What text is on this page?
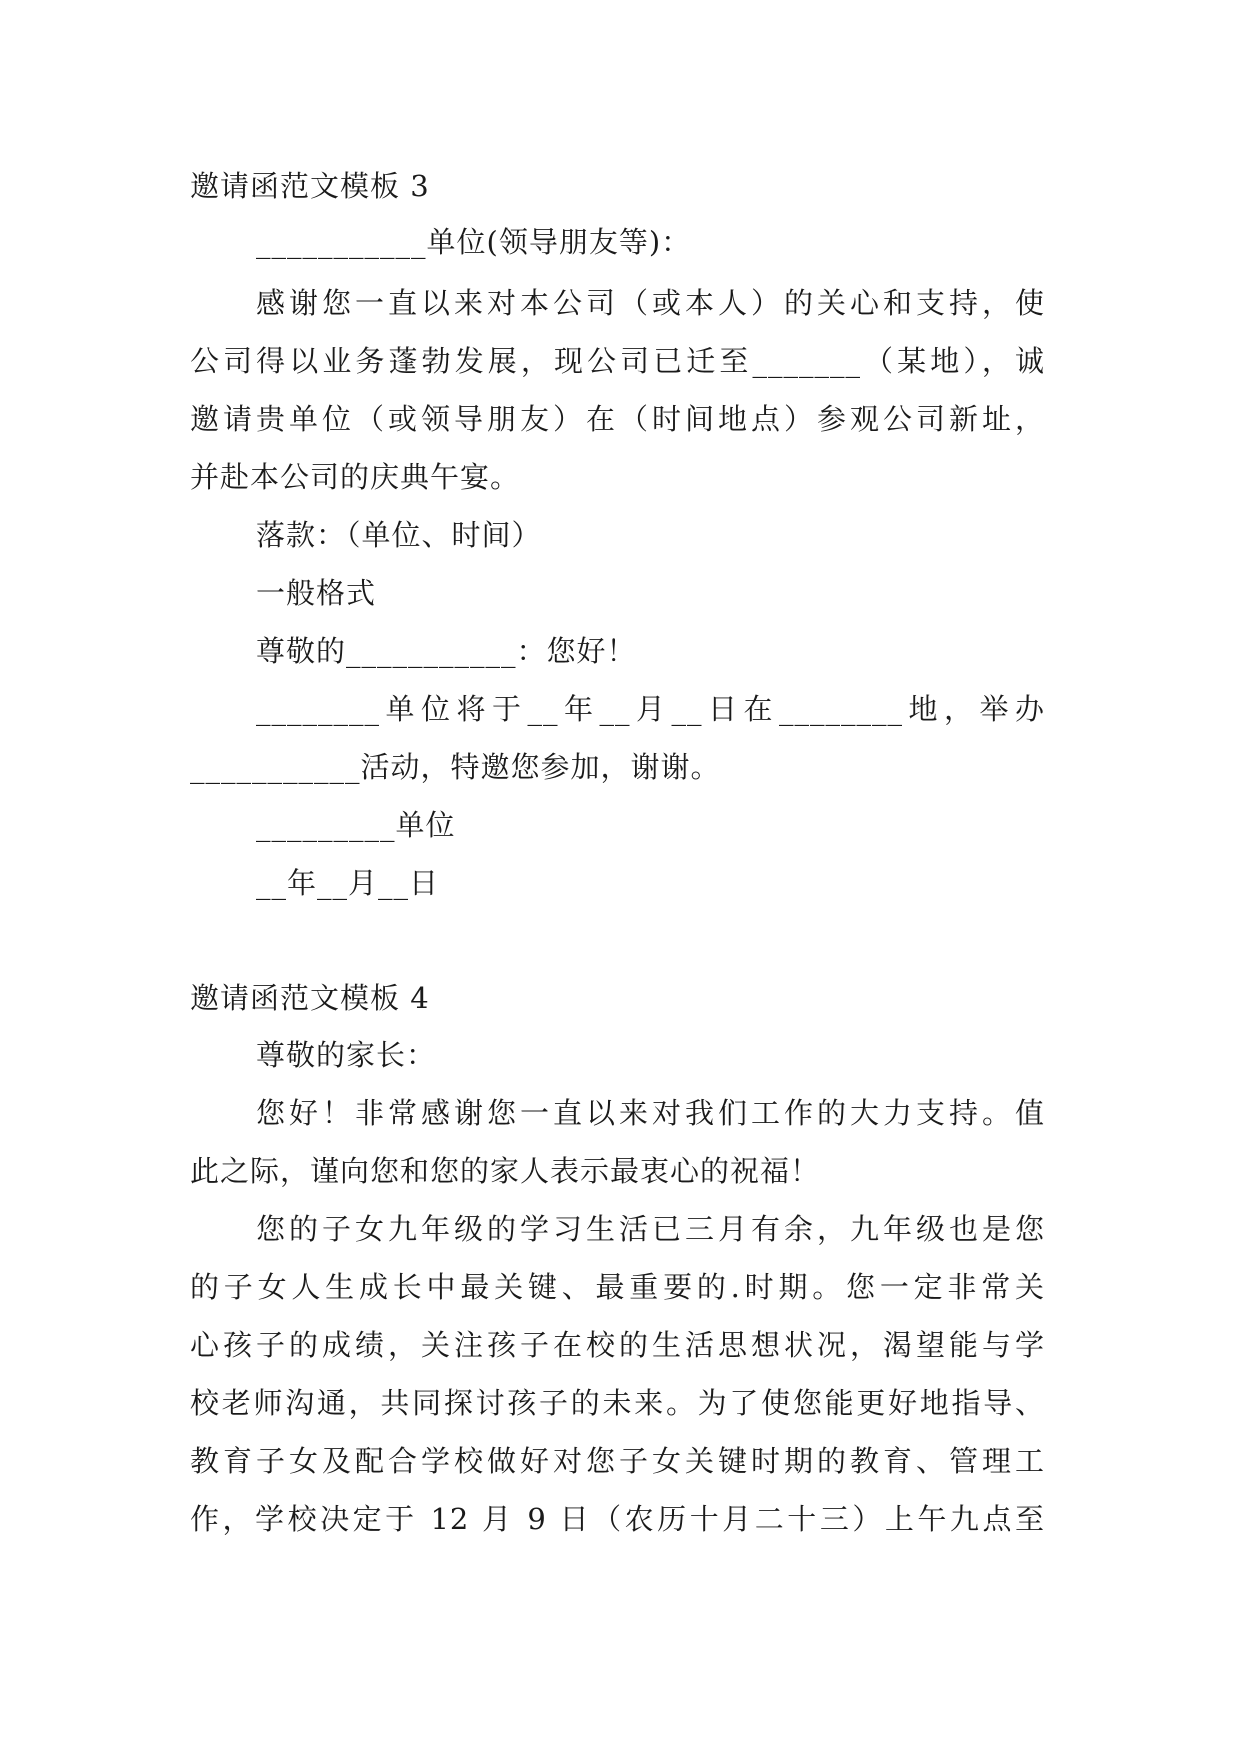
邀请函范文模板 3
___________单位(领导朋友等)：
感谢您一直以来对本公司（或本人）的关心和支持，使
公司得以业务蓬勃发展，现公司已迁至_______（某地），诚
邀请贵单位（或领导朋友）在（时间地点）参观公司新址，
并赴本公司的庆典午宴。
落款：（单位、时间）
一般格式
尊敬的___________：您好！
________单位将于__年__月__日在________地，举办
___________活动，特邀您参加，谢谢。
_________单位
__年__月__日
邀请函范文模板 4
尊敬的家长：
您好！非常感谢您一直以来对我们工作的大力支持。值
此之际，谨向您和您的家人表示最衷心的祝福！
您的子女九年级的学习生活已三月有余，九年级也是您
的子女人生成长中最关键、最重要的.时期。您一定非常关
心孩子的成绩，关注孩子在校的生活思想状况，渴望能与学
校老师沟通，共同探讨孩子的未来。为了使您能更好地指导、
教育子女及配合学校做好对您子女关键时期的教育、管理工
作，学校决定于 12 月 9 日（农历十月二十三）上午九点至
